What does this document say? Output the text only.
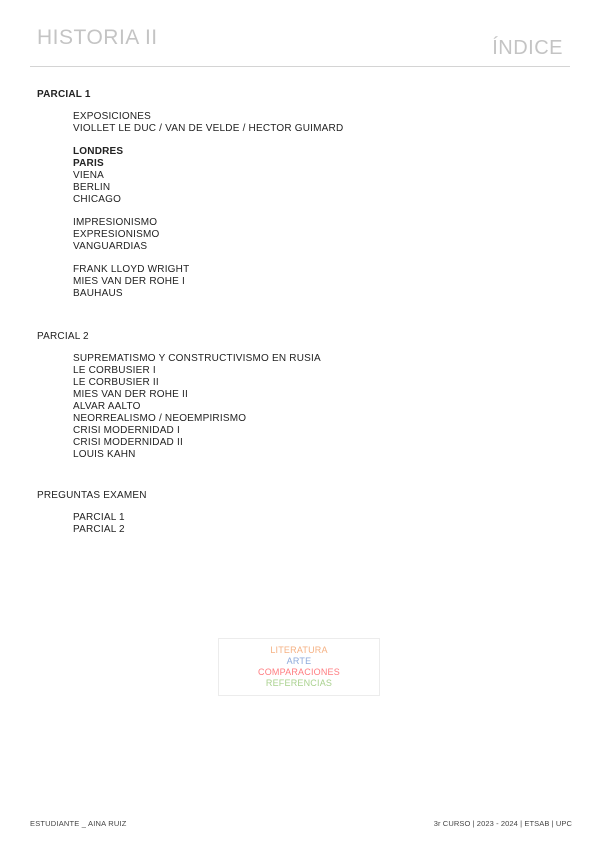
HISTORIA II	ÍNDICE

PARCIAL 1

EXPOSICIONES
VIOLLET LE DUC / VAN DE VELDE / HECTOR GUIMARD
LONDRES
PARIS
VIENA
BERLIN
CHICAGO
IMPRESIONISMO
EXPRESIONISMO
VANGUARDIAS
FRANK LLOYD WRIGHT
MIES VAN DER ROHE I
BAUHAUS

PARCIAL 2

SUPREMATISMO Y CONSTRUCTIVISMO EN RUSIA
LE CORBUSIER I
LE CORBUSIER II
MIES VAN DER ROHE II
ALVAR AALTO
NEORREALISMO / NEOEMPIRISMO
CRISI MODERNIDAD I
CRISI MODERNIDAD II
LOUIS KAHN

PREGUNTAS EXAMEN

PARCIAL 1
PARCIAL 2
LITERATURA
ARTE
COMPARACIONES
REFERENCIAS
ESTUDIANTE _ AINA RUIZ	3r CURSO | 2023 - 2024 | ETSAB | UPC
